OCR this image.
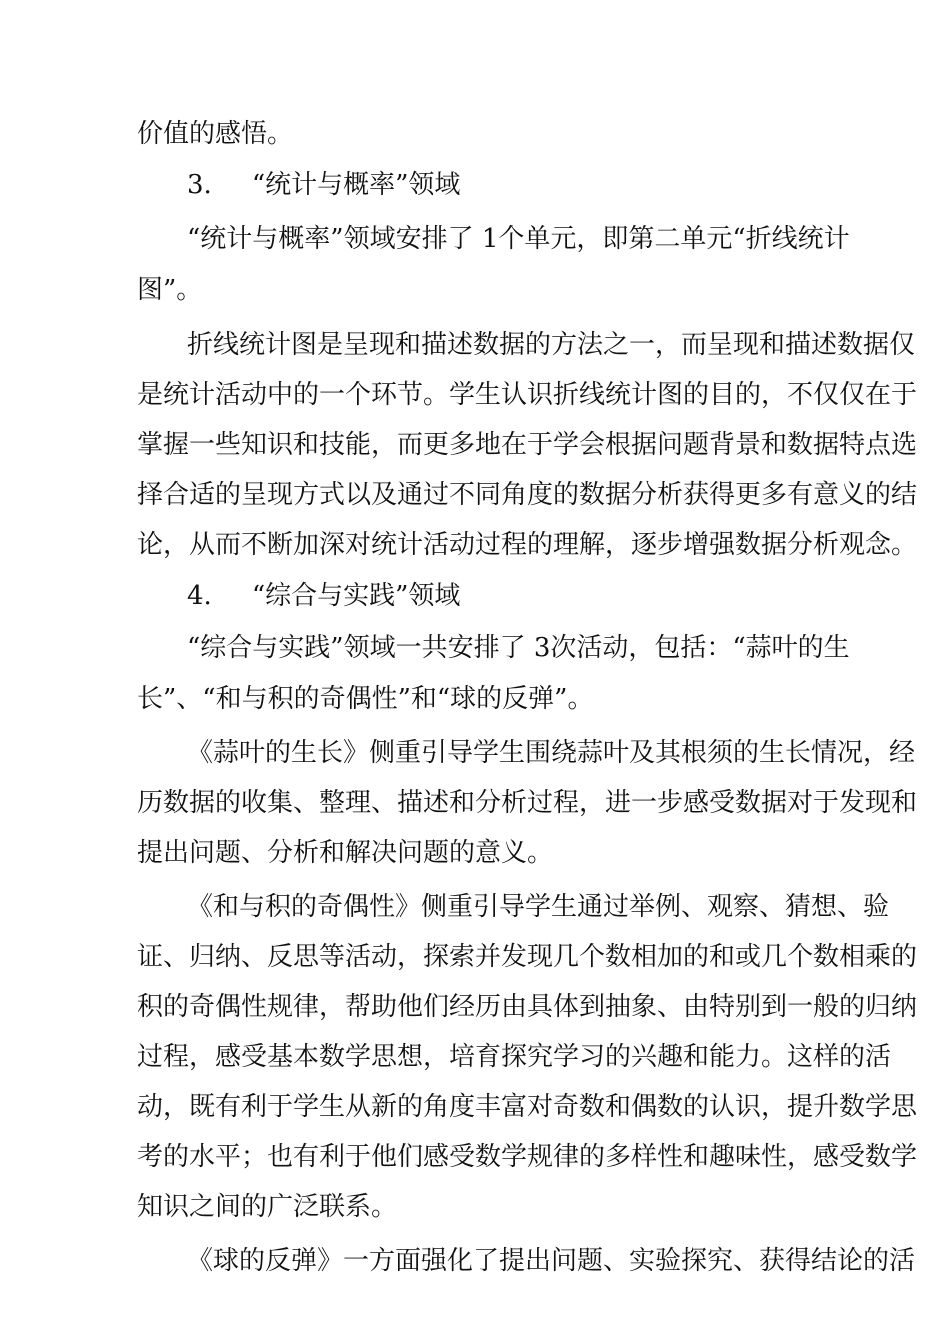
价值的感悟。
3. “统计与概率”领域
“统计与概率”领域安排了 1个单元，即第二单元“折线统计
图”。
折线统计图是呈现和描述数据的方法之一，而呈现和描述数据仅
是统计活动中的一个环节。学生认识折线统计图的目的，不仅仅在于
掌握一些知识和技能，而更多地在于学会根据问题背景和数据特点选
择合适的呈现方式以及通过不同角度的数据分析获得更多有意义的结
论，从而不断加深对统计活动过程的理解，逐步增强数据分析观念。
4. “综合与实践”领域
“综合与实践”领域一共安排了 3次活动，包括：“蒜叶的生
长”、“和与积的奇偶性”和“球的反弹”。
《蒜叶的生长》侧重引导学生围绕蒜叶及其根须的生长情况，经
历数据的收集、整理、描述和分析过程，进一步感受数据对于发现和
提出问题、分析和解决问题的意义。
《和与积的奇偶性》侧重引导学生通过举例、观察、猜想、验
证、归纳、反思等活动，探索并发现几个数相加的和或几个数相乘的
积的奇偶性规律，帮助他们经历由具体到抽象、由特别到一般的归纳
过程，感受基本数学思想，培育探究学习的兴趣和能力。这样的活
动，既有利于学生从新的角度丰富对奇数和偶数的认识，提升数学思
考的水平；也有利于他们感受数学规律的多样性和趣味性，感受数学
知识之间的广泛联系。
《球的反弹》一方面强化了提出问题、实验探究、获得结论的活
